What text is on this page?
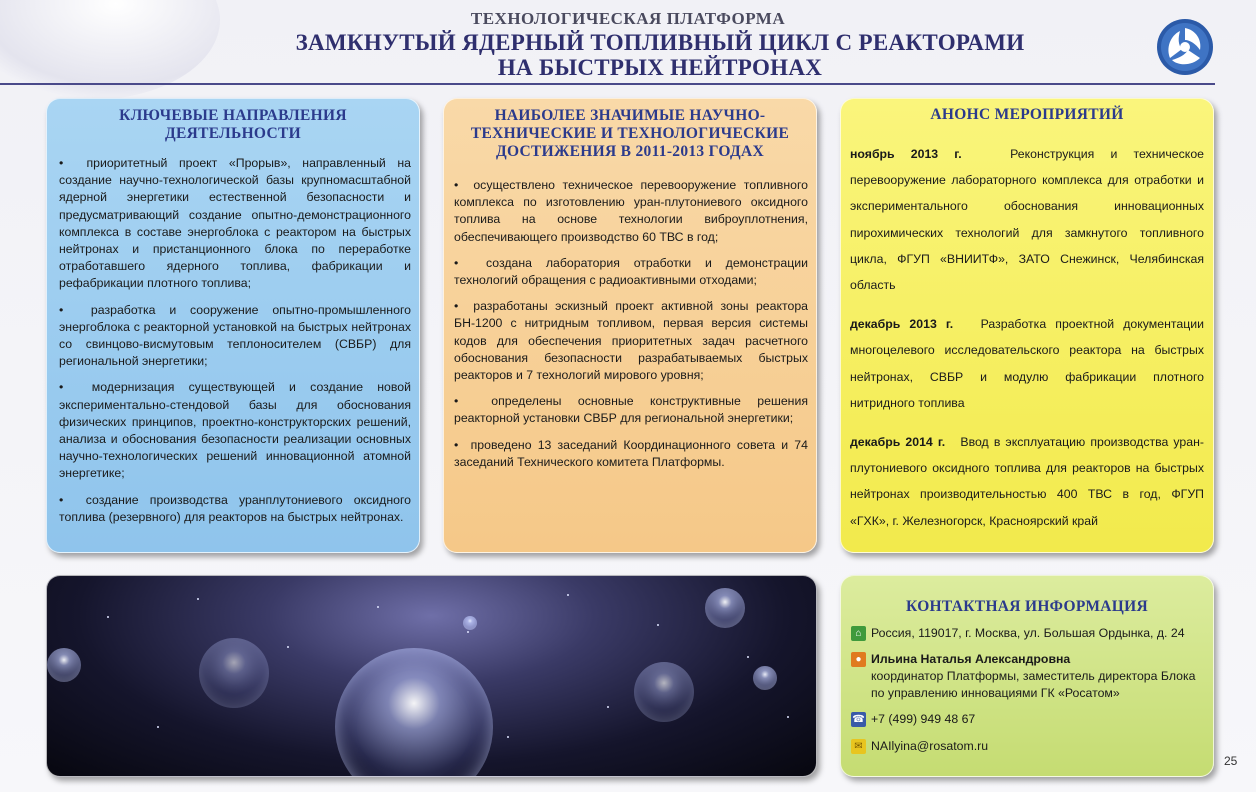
ТЕХНОЛОГИЧЕСКАЯ ПЛАТФОРМА
ЗАМКНУТЫЙ ЯДЕРНЫЙ ТОПЛИВНЫЙ ЦИКЛ С РЕАКТОРАМИ
НА БЫСТРЫХ НЕЙТРОНАХ
КЛЮЧЕВЫЕ НАПРАВЛЕНИЯ
ДЕЯТЕЛЬНОСТИ

•  приоритетный проект «Прорыв», направленный на создание научно-технологической базы крупномасштабной ядерной энергетики естественной безопасности и предусматривающий создание опытно-демонстрационного комплекса в составе энергоблока с реактором на быстрых нейтронах и пристанционного блока по переработке отработавшего ядерного топлива, фабрикации и рефабрикации плотного топлива;

•  разработка и сооружение опытно-промышленного энергоблока с реакторной установкой на быстрых нейтронах со свинцово-висмутовым теплоносителем (СВБР) для региональной энергетики;

•  модернизация существующей и создание новой экспериментально-стендовой базы для обоснования физических принципов, проектно-конструкторских решений, анализа и обоснования безопасности реализации основных научно-технологических решений инновационной атомной энергетике;

•  создание производства уранплутониевого оксидного топлива (резервного) для реакторов на быстрых нейтронах.

НАИБОЛЕЕ ЗНАЧИМЫЕ НАУЧНО-
ТЕХНИЧЕСКИЕ И ТЕХНОЛОГИЧЕСКИЕ
ДОСТИЖЕНИЯ В 2011-2013 ГОДАХ

•  осуществлено техническое перевооружение топливного комплекса по изготовлению уран-плутониевого оксидного топлива на основе технологии виброуплотнения, обеспечивающего производство 60 ТВС в год;

•  создана лаборатория отработки и демонстрации технологий обращения с радиоактивными отходами;

•  разработаны эскизный проект активной зоны реактора БН-1200 с нитридным топливом, первая версия системы кодов для обеспечения приоритетных задач расчетного обоснования безопасности разрабатываемых быстрых реакторов и 7 технологий мирового уровня;

•  определены основные конструктивные решения реакторной установки СВБР для региональной энергетики;

•  проведено 13 заседаний Координационного совета и 74 заседаний Технического комитета Платформы.

АНОНС МЕРОПРИЯТИЙ

ноябрь 2013 г.	Реконструкция и техническое перевооружение лабораторного комплекса для отработки и экспериментального обоснования инновационных пирохимических технологий для замкнутого топливного цикла, ФГУП «ВНИИТФ», ЗАТО Снежинск, Челябинская область

декабрь 2013 г. Разработка проектной документации многоцелевого исследовательского реактора на быстрых нейтронах, СВБР и модулю фабрикации плотного нитридного топлива

декабрь 2014 г. Ввод в эксплуатацию производства уран-плутониевого оксидного топлива для реакторов на быстрых нейтронах производительностью 400 ТВС в год, ФГУП «ГХК», г. Железногорск, Красноярский край

КОНТАКТНАЯ ИНФОРМАЦИЯ
⌂ Россия, 119017, г. Москва, ул. Большая Ордынка, д. 24
● Ильина Наталья Александровна
координатор Платформы, заместитель директора Блока по управлению инновациями ГК «Росатом»
☎ +7 (499) 949 48 67
✉ NAIlyina@rosatom.ru
25
